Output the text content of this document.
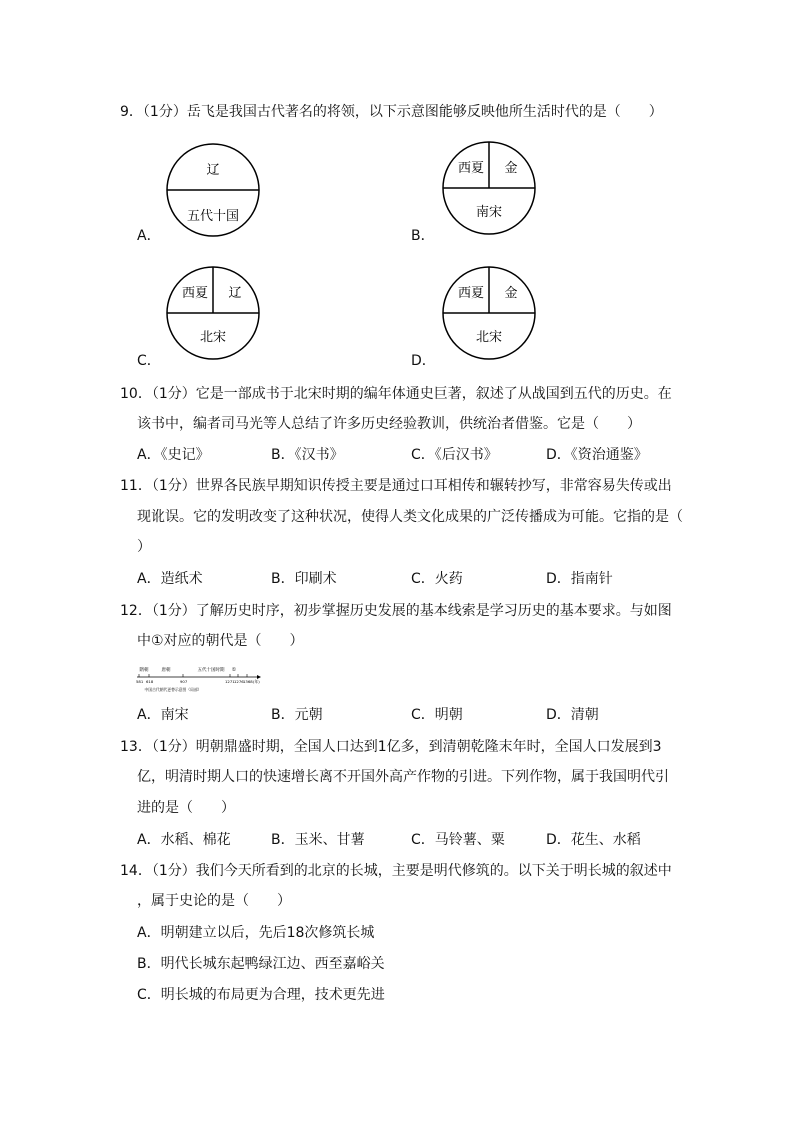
9．（1分）岳飞是我国古代著名的将领，以下示意图能够反映他所生活时代的是（　　）
A．
辽
五代十国
B．
西夏 金
南宋
C．
西夏 辽
北宋
D．
西夏 金
北宋
10．（1分）它是一部成书于北宋时期的编年体通史巨著，叙述了从战国到五代的历史。在
该书中，编者司马光等人总结了许多历史经验教训，供统治者借鉴。它是（　　）
A．《史记》	B．《汉书》	C．《后汉书》	D．《资治通鉴》
11．（1分）世界各民族早期知识传授主要是通过口耳相传和辗转抄写，非常容易失传或出
现讹误。它的发明改变了这种状况，使得人类文化成果的广泛传播成为可能。它指的是（
）
A．造纸术	B．印刷术	C．火药	D．指南针
12．（1分）了解历史时序，初步掌握历史发展的基本线索是学习历史的基本要求。与如图
中①对应的朝代是（　　）
隋朝	唐朝	五代十国时期 ①
581 618	907	1271 1276 1368 (年)
中国古代朝代更替示意图（局部）
A．南宋	B．元朝	C．明朝	D．清朝
13．（1分）明朝鼎盛时期，全国人口达到1亿多，到清朝乾隆末年时，全国人口发展到3
亿，明清时期人口的快速增长离不开国外高产作物的引进。下列作物，属于我国明代引
进的是（　　）
A．水稻、棉花	B．玉米、甘薯	C．马铃薯、粟	D．花生、水稻
14．（1分）我们今天所看到的北京的长城，主要是明代修筑的。以下关于明长城的叙述中
，属于史论的是（　　）
A．明朝建立以后，先后18次修筑长城
B．明代长城东起鸭绿江边、西至嘉峪关
C．明长城的布局更为合理，技术更先进
